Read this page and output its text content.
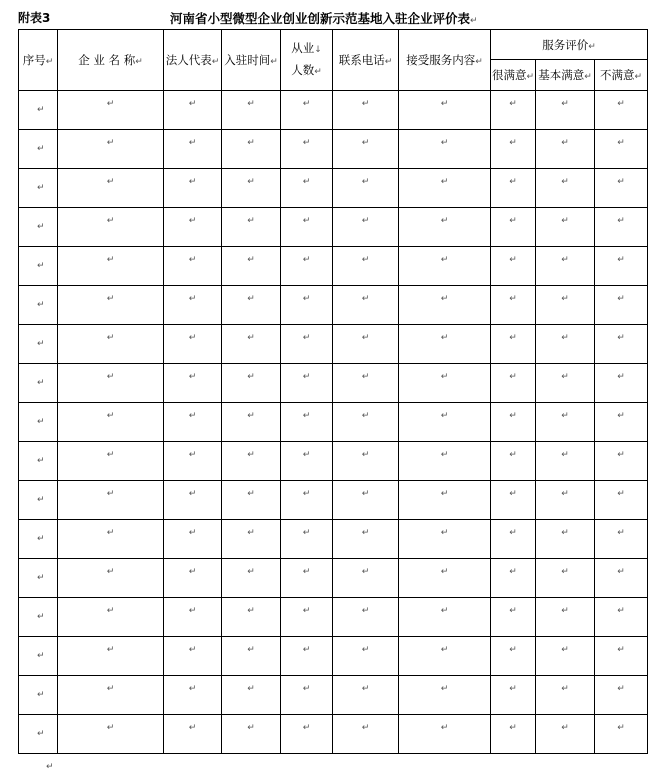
附表3	河南省小型微型企业创业创新示范基地入驻企业评价表↵
序号↵	企 业 名 称↵	法人代表↵	入驻时间↵	从业↓
人数↵	联系电话↵	接受服务内容↵	服务评价↵		
							很满意↵	基本满意↵	不满意↵

↵	↵	↵	↵	↵	↵	↵	↵	↵	↵

↵	↵	↵	↵	↵	↵	↵	↵	↵	↵

↵	↵	↵	↵	↵	↵	↵	↵	↵	↵

↵	↵	↵	↵	↵	↵	↵	↵	↵	↵

↵	↵	↵	↵	↵	↵	↵	↵	↵	↵

↵	↵	↵	↵	↵	↵	↵	↵	↵	↵

↵	↵	↵	↵	↵	↵	↵	↵	↵	↵

↵	↵	↵	↵	↵	↵	↵	↵	↵	↵

↵	↵	↵	↵	↵	↵	↵	↵	↵	↵

↵	↵	↵	↵	↵	↵	↵	↵	↵	↵

↵	↵	↵	↵	↵	↵	↵	↵	↵	↵

↵	↵	↵	↵	↵	↵	↵	↵	↵	↵

↵	↵	↵	↵	↵	↵	↵	↵	↵	↵

↵	↵	↵	↵	↵	↵	↵	↵	↵	↵

↵	↵	↵	↵	↵	↵	↵	↵	↵	↵

↵	↵	↵	↵	↵	↵	↵	↵	↵	↵

↵	↵	↵	↵	↵	↵	↵	↵	↵	↵
↵
